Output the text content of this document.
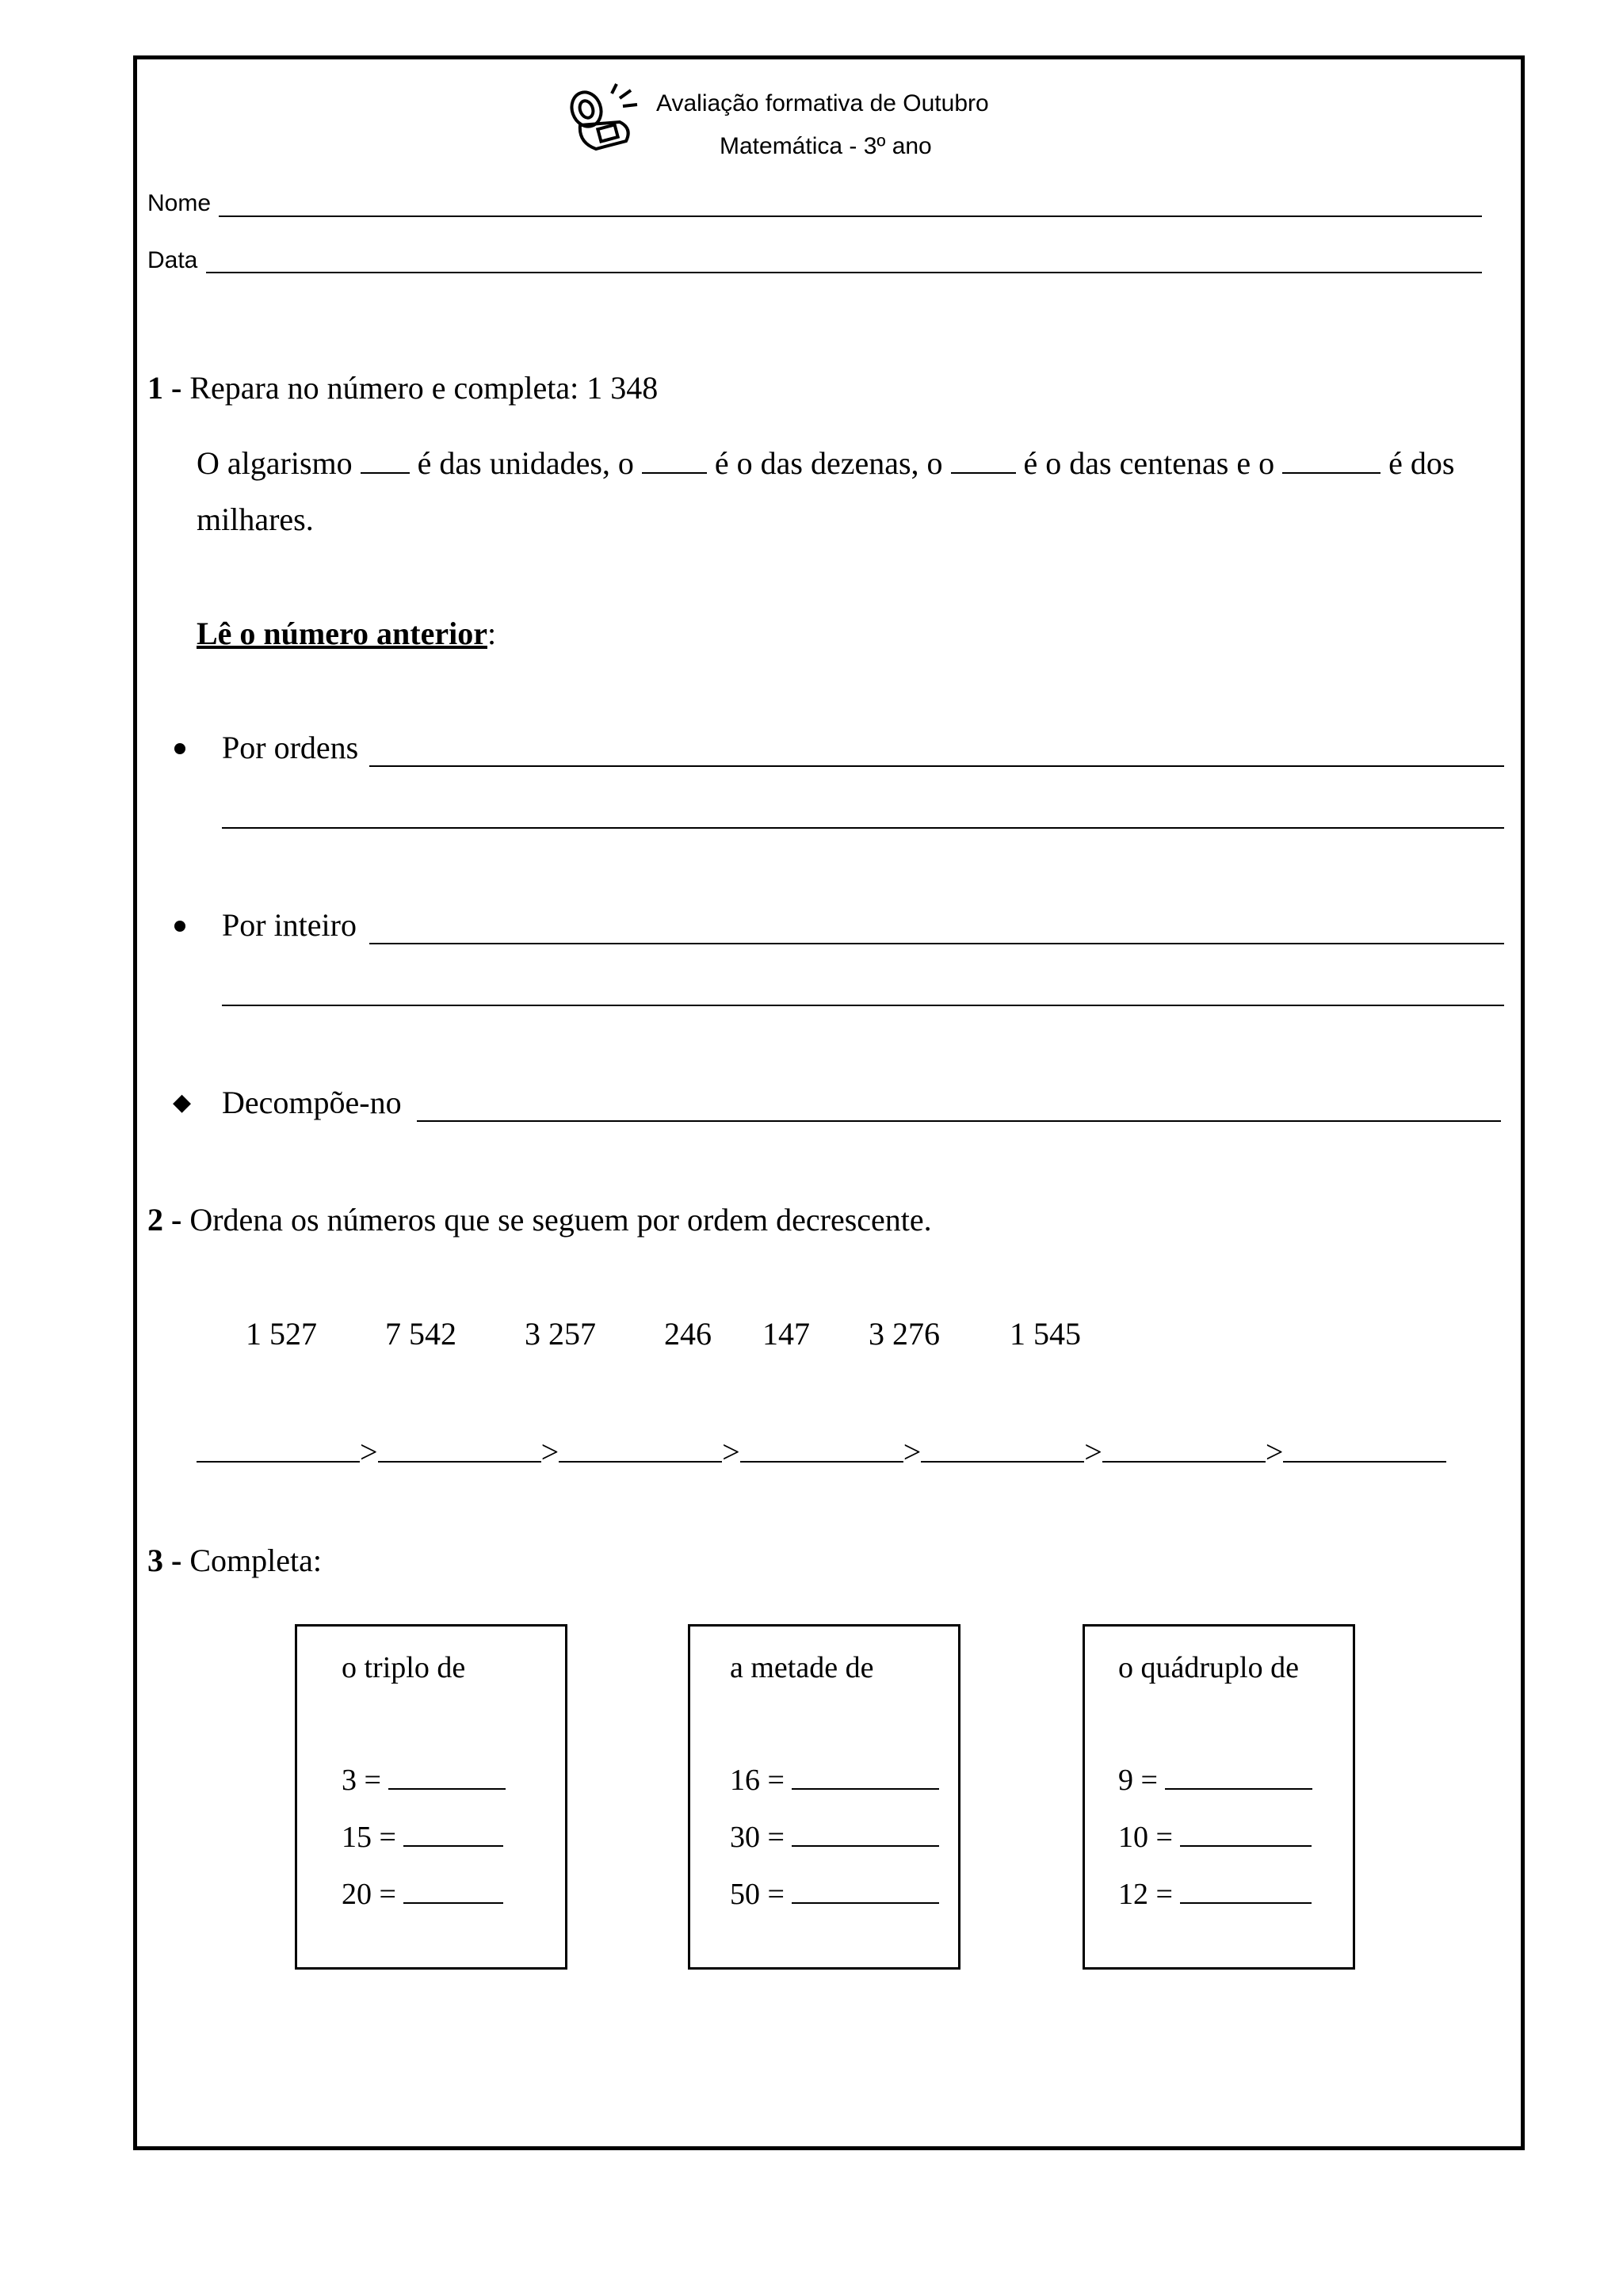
Avaliação formativa de Outubro
Matemática - 3º ano
Nome
Data
1 - Repara no número e completa: 1 348
O algarismo é das unidades, o	é o das dezenas, o	é o das centenas e o	é dos
milhares.
Lê o número anterior:
Por ordens
Por inteiro
◆ Decompõe-no
2 - Ordena os números que se seguem por ordem decrescente.
1 527 7 542 3 257 246 147 3 276 1 545
>	>	>	>	>	>
3 - Completa:
o triplo de
3 =
15 =
20 =
a metade de
16 =
30 =
50 =
o quádruplo de
9 =
10 =
12 =
